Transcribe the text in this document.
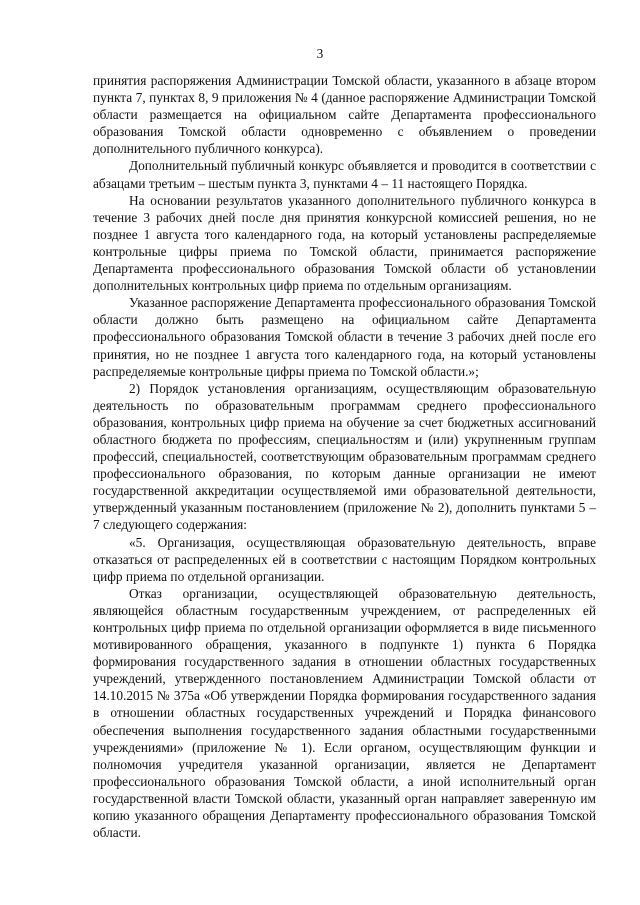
3

принятия распоряжения Администрации Томской области, указанного в абзаце втором пункта 7, пунктах 8, 9 приложения № 4 (данное распоряжение Администрации Томской области размещается на официальном сайте Департамента профессионального образования Томской области одновременно с объявлением о проведении дополнительного публичного конкурса).

Дополнительный публичный конкурс объявляется и проводится в соответствии с абзацами третьим – шестым пункта 3, пунктами 4 – 11 настоящего Порядка.

На основании результатов указанного дополнительного публичного конкурса в течение 3 рабочих дней после дня принятия конкурсной комиссией решения, но не позднее 1 августа того календарного года, на который установлены распределяемые контрольные цифры приема по Томской области, принимается распоряжение Департамента профессионального образования Томской области об установлении дополнительных контрольных цифр приема по отдельным организациям.

Указанное распоряжение Департамента профессионального образования Томской области должно быть размещено на официальном сайте Департамента профессионального образования Томской области в течение 3 рабочих дней после его принятия, но не позднее 1 августа того календарного года, на который установлены распределяемые контрольные цифры приема по Томской области.»;

2) Порядок установления организациям, осуществляющим образовательную деятельность по образовательным программам среднего профессионального образования, контрольных цифр приема на обучение за счет бюджетных ассигнований областного бюджета по профессиям, специальностям и (или) укрупненным группам профессий, специальностей, соответствующим образовательным программам среднего профессионального образования, по которым данные организации не имеют государственной аккредитации осуществляемой ими образовательной деятельности, утвержденный указанным постановлением (приложение № 2), дополнить пунктами 5 – 7 следующего содержания:

«5. Организация, осуществляющая образовательную деятельность, вправе отказаться от распределенных ей в соответствии с настоящим Порядком контрольных цифр приема по отдельной организации.

Отказ организации, осуществляющей образовательную деятельность, являющейся областным государственным учреждением, от распределенных ей контрольных цифр приема по отдельной организации оформляется в виде письменного мотивированного обращения, указанного в подпункте 1) пункта 6 Порядка формирования государственного задания в отношении областных государственных учреждений, утвержденного постановлением Администрации Томской области от 14.10.2015 № 375а «Об утверждении Порядка формирования государственного задания в отношении областных государственных учреждений и Порядка финансового обеспечения выполнения государственного задания областными государственными учреждениями» (приложение № 1). Если органом, осуществляющим функции и полномочия учредителя указанной организации, является не Департамент профессионального образования Томской области, а иной исполнительный орган государственной власти Томской области, указанный орган направляет заверенную им копию указанного обращения Департаменту профессионального образования Томской области.
